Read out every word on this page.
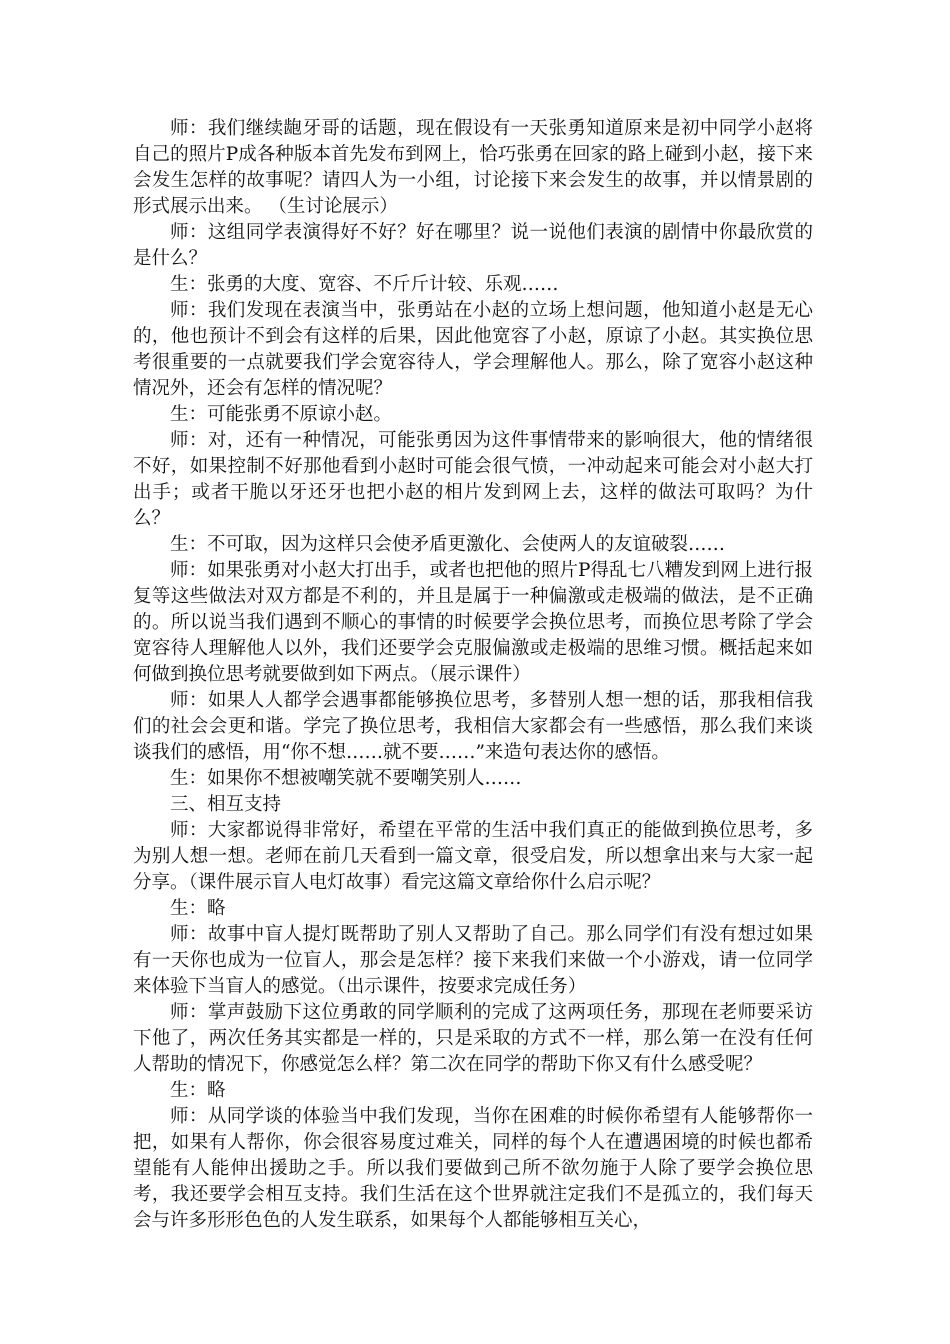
师：我们继续龅牙哥的话题，现在假设有一天张勇知道原来是初中同学小赵将自己的照片P成各种版本首先发布到网上，恰巧张勇在回家的路上碰到小赵，接下来会发生怎样的故事呢？请四人为一小组，讨论接下来会发生的故事，并以情景剧的形式展示出来。 （生讨论展示）

师：这组同学表演得好不好？好在哪里？说一说他们表演的剧情中你最欣赏的是什么？

生：张勇的大度、宽容、不斤斤计较、乐观……

师：我们发现在表演当中，张勇站在小赵的立场上想问题，他知道小赵是无心的，他也预计不到会有这样的后果，因此他宽容了小赵，原谅了小赵。其实换位思考很重要的一点就要我们学会宽容待人，学会理解他人。那么，除了宽容小赵这种情况外，还会有怎样的情况呢？

生：可能张勇不原谅小赵。

师：对，还有一种情况，可能张勇因为这件事情带来的影响很大，他的情绪很不好，如果控制不好那他看到小赵时可能会很气愤，一冲动起来可能会对小赵大打出手；或者干脆以牙还牙也把小赵的相片发到网上去，这样的做法可取吗？为什么？

生：不可取，因为这样只会使矛盾更激化、会使两人的友谊破裂……

师：如果张勇对小赵大打出手，或者也把他的照片P得乱七八糟发到网上进行报复等这些做法对双方都是不利的，并且是属于一种偏激或走极端的做法，是不正确的。所以说当我们遇到不顺心的事情的时候要学会换位思考，而换位思考除了学会宽容待人理解他人以外，我们还要学会克服偏激或走极端的思维习惯。概括起来如何做到换位思考就要做到如下两点。（展示课件）

师：如果人人都学会遇事都能够换位思考，多替别人想一想的话，那我相信我们的社会会更和谐。学完了换位思考，我相信大家都会有一些感悟，那么我们来谈谈我们的感悟，用“你不想……就不要……”来造句表达你的感悟。

生：如果你不想被嘲笑就不要嘲笑别人……

三、相互支持

师：大家都说得非常好，希望在平常的生活中我们真正的能做到换位思考，多为别人想一想。老师在前几天看到一篇文章，很受启发，所以想拿出来与大家一起分享。（课件展示盲人电灯故事）看完这篇文章给你什么启示呢？

生：略

师：故事中盲人提灯既帮助了别人又帮助了自己。那么同学们有没有想过如果有一天你也成为一位盲人，那会是怎样？接下来我们来做一个小游戏，请一位同学来体验下当盲人的感觉。（出示课件，按要求完成任务）

师：掌声鼓励下这位勇敢的同学顺利的完成了这两项任务，那现在老师要采访下他了，两次任务其实都是一样的，只是采取的方式不一样，那么第一在没有任何人帮助的情况下，你感觉怎么样？第二次在同学的帮助下你又有什么感受呢？

生：略

师：从同学谈的体验当中我们发现，当你在困难的时候你希望有人能够帮你一把，如果有人帮你，你会很容易度过难关，同样的每个人在遭遇困境的时候也都希望能有人能伸出援助之手。所以我们要做到己所不欲勿施于人除了要学会换位思考，我还要学会相互支持。我们生活在这个世界就注定我们不是孤立的，我们每天会与许多形形色色的人发生联系，如果每个人都能够相互关心，
